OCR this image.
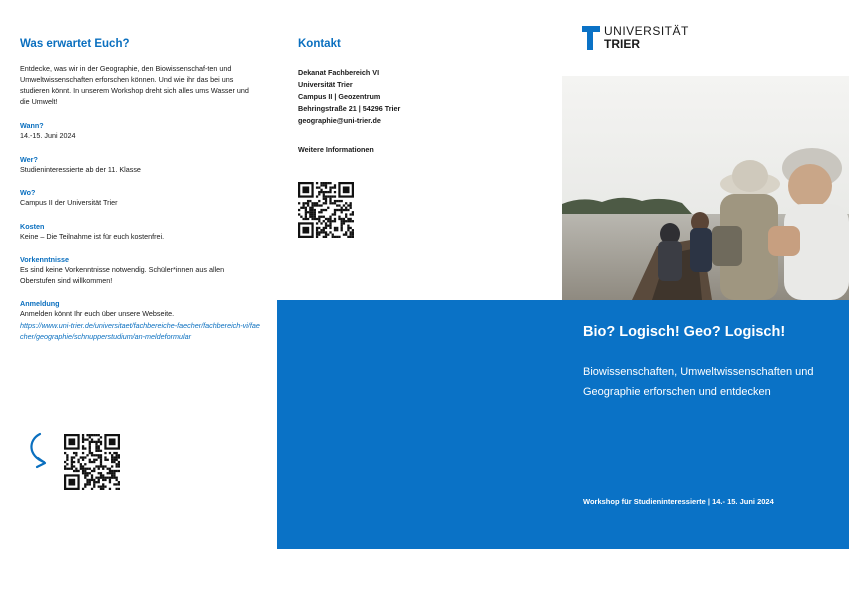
Was erwartet Euch?
Entdecke, was wir in der Geographie, den Biowissenschaf-ten und Umweltwissenschaften erforschen können. Und wie ihr das bei uns studieren könnt. In unserem Workshop dreht sich alles ums Wasser und die Umwelt!
Wann?
14.-15. Juni 2024
Wer?
Studieninteressierte ab der 11. Klasse
Wo?
Campus II der Universität Trier
Kosten
Keine – Die Teilnahme ist für euch kostenfrei.
Vorkenntnisse
Es sind keine Vorkenntnisse notwendig. Schüler*innen aus allen Oberstufen sind willkommen!
Anmeldung
Anmelden könnt Ihr euch über unsere Webseite.
https://www.uni-trier.de/universitaet/fachbereiche-faecher/fachbereich-vi/faecher/geographie/schnupperstudium/an-meldeformular
Kontakt
Dekanat Fachbereich VI
Universität Trier
Campus II | Geozentrum
Behringstraße 21 | 54296 Trier
geographie@uni-trier.de
Weitere Informationen
UNIVERSITÄT
TRIER
Bio? Logisch! Geo? Logisch!
Biowissenschaften, Umweltwissenschaften und Geographie erforschen und entdecken
Workshop für Studieninteressierte | 14.- 15. Juni 2024
